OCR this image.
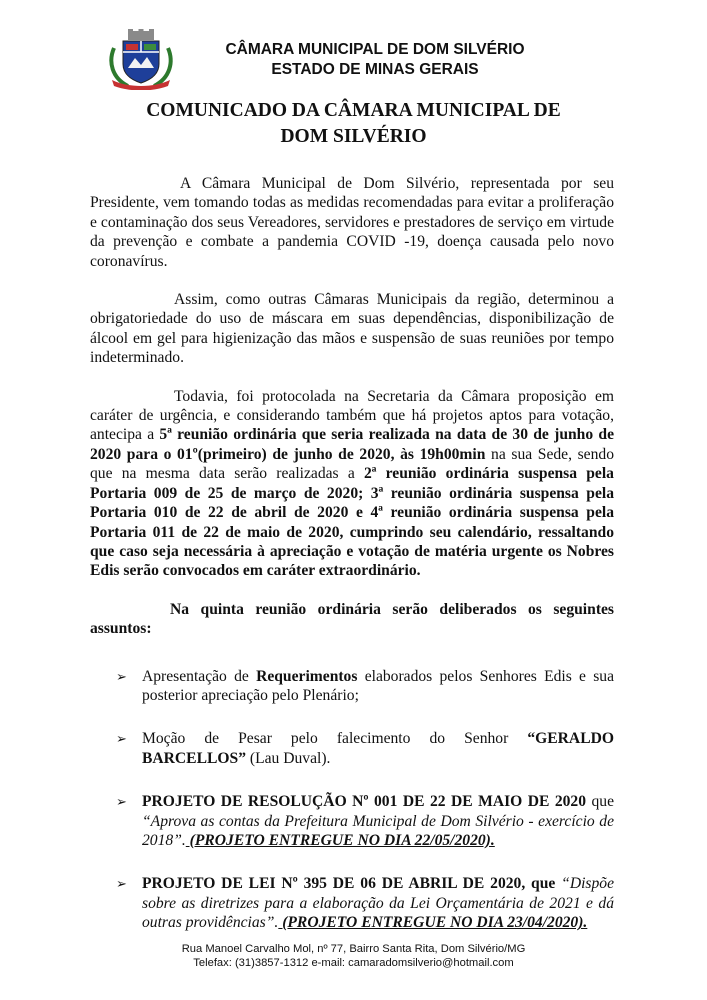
CÂMARA MUNICIPAL DE DOM SILVÉRIO
ESTADO DE MINAS GERAIS
COMUNICADO DA CÂMARA MUNICIPAL DE
DOM SILVÉRIO

A Câmara Municipal de Dom Silvério, representada por seu Presidente, vem tomando todas as medidas recomendadas para evitar a proliferação e contaminação dos seus Vereadores, servidores e prestadores de serviço em virtude da prevenção e combate a pandemia COVID -19, doença causada pelo novo coronavírus.

Assim, como outras Câmaras Municipais da região, determinou a obrigatoriedade do uso de máscara em suas dependências, disponibilização de álcool em gel para higienização das mãos e suspensão de suas reuniões por tempo indeterminado.

Todavia, foi protocolada na Secretaria da Câmara proposição em caráter de urgência, e considerando também que há projetos aptos para votação, antecipa a 5ª reunião ordinária que seria realizada na data de 30 de junho de 2020 para o 01º(primeiro) de junho de 2020, às 19h00min na sua Sede, sendo que na mesma data serão realizadas a 2ª reunião ordinária suspensa pela Portaria 009 de 25 de março de 2020; 3ª reunião ordinária suspensa pela Portaria 010 de 22 de abril de 2020 e 4ª reunião ordinária suspensa pela Portaria 011 de 22 de maio de 2020, cumprindo seu calendário, ressaltando que caso seja necessária à apreciação e votação de matéria urgente os Nobres Edis serão convocados em caráter extraordinário.

Na quinta reunião ordinária serão deliberados os seguintes assuntos:

➢ Apresentação de Requerimentos elaborados pelos Senhores Edis e sua posterior apreciação pelo Plenário;

➢ Moção de Pesar pelo falecimento do Senhor “GERALDO BARCELLOS” (Lau Duval).

➢ PROJETO DE RESOLUÇÃO Nº 001 DE 22 DE MAIO DE 2020 que “Aprova as contas da Prefeitura Municipal de Dom Silvério - exercício de 2018”. (PROJETO ENTREGUE NO DIA 22/05/2020).

➢ PROJETO DE LEI Nº 395 DE 06 DE ABRIL DE 2020, que “Dispõe sobre as diretrizes para a elaboração da Lei Orçamentária de 2021 e dá outras providências”. (PROJETO ENTREGUE NO DIA 23/04/2020).

Rua Manoel Carvalho Mol, nº 77, Bairro Santa Rita, Dom Silvério/MG
Telefax: (31)3857-1312 e-mail: camaradomsilverio@hotmail.com
